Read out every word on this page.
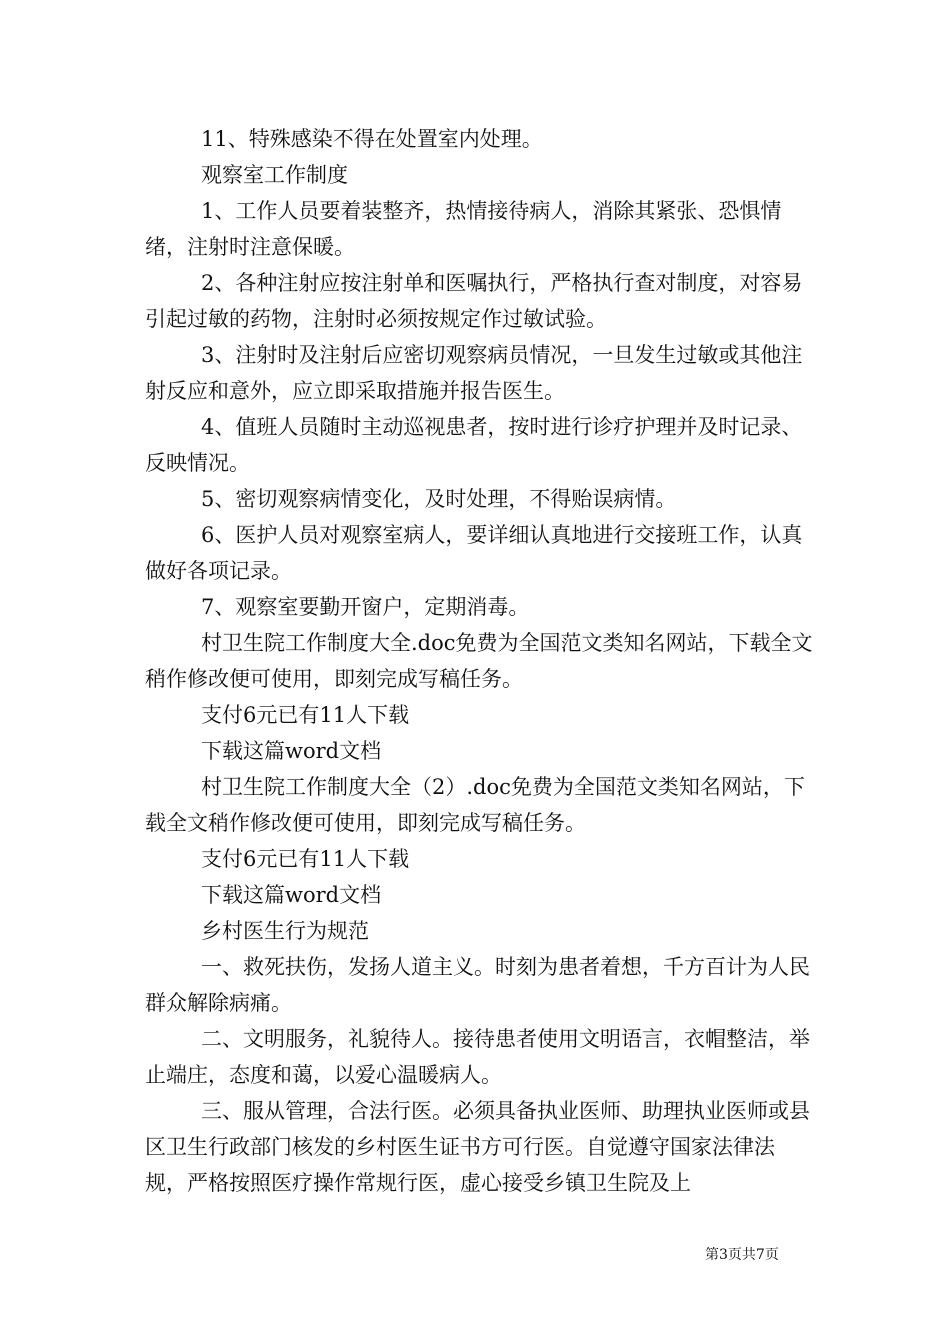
11、特殊感染不得在处置室内处理。

观察室工作制度

1、工作人员要着装整齐，热情接待病人，消除其紧张、恐惧情绪，注射时注意保暖。

2、各种注射应按注射单和医嘱执行，严格执行查对制度，对容易引起过敏的药物，注射时必须按规定作过敏试验。

3、注射时及注射后应密切观察病员情况，一旦发生过敏或其他注射反应和意外，应立即采取措施并报告医生。

4、值班人员随时主动巡视患者，按时进行诊疗护理并及时记录、反映情况。

5、密切观察病情变化，及时处理，不得贻误病情。

6、医护人员对观察室病人，要详细认真地进行交接班工作，认真做好各项记录。

7、观察室要勤开窗户，定期消毒。

村卫生院工作制度大全.doc免费为全国范文类知名网站，下载全文稍作修改便可使用，即刻完成写稿任务。

支付6元已有11人下载

下载这篇word文档

村卫生院工作制度大全（2）.doc免费为全国范文类知名网站，下载全文稍作修改便可使用，即刻完成写稿任务。

支付6元已有11人下载

下载这篇word文档

乡村医生行为规范

一、救死扶伤，发扬人道主义。时刻为患者着想，千方百计为人民群众解除病痛。

二、文明服务，礼貌待人。接待患者使用文明语言，衣帽整洁，举止端庄，态度和蔼，以爱心温暖病人。

三、服从管理，合法行医。必须具备执业医师、助理执业医师或县区卫生行政部门核发的乡村医生证书方可行医。自觉遵守国家法律法规，严格按照医疗操作常规行医，虚心接受乡镇卫生院及上

第3页共7页
